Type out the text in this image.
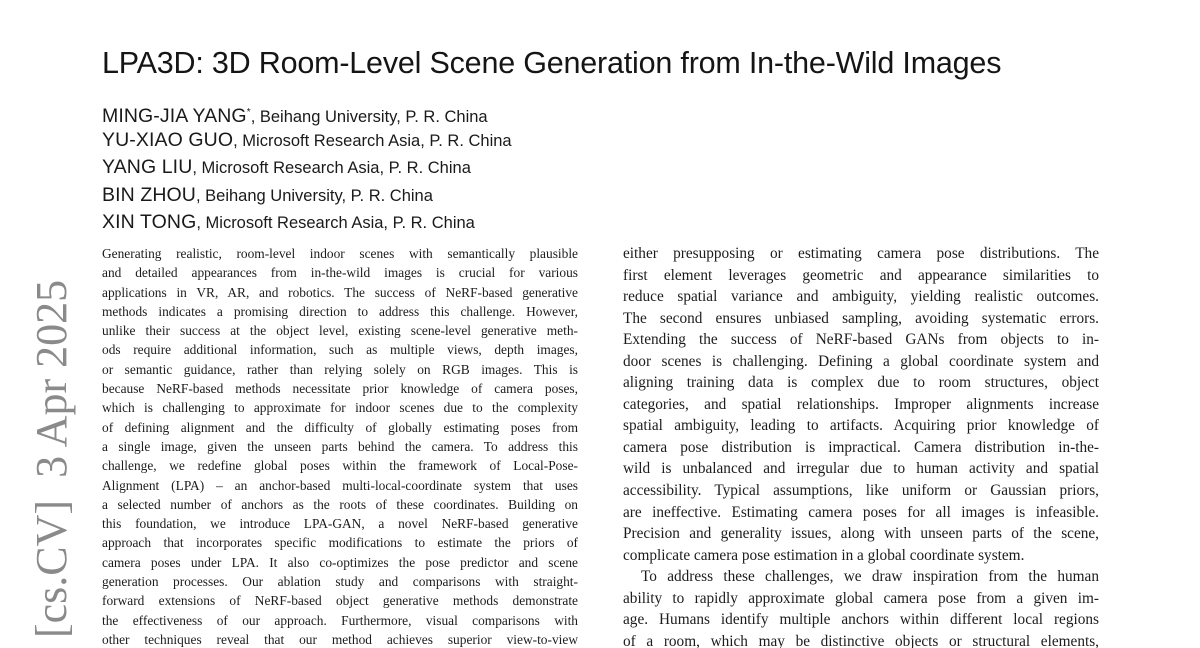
[cs.CV]3 Apr 2025
LPA3D: 3D Room-Level Scene Generation from In-the-Wild Images
MING-JIA YANG*, Beihang University, P. R. China
YU-XIAO GUO, Microsoft Research Asia, P. R. China
YANG LIU, Microsoft Research Asia, P. R. China
BIN ZHOU, Beihang University, P. R. China
XIN TONG, Microsoft Research Asia, P. R. China
Generating realistic, room-level indoor scenes with semantically plausible
and detailed appearances from in-the-wild images is crucial for various
applications in VR, AR, and robotics. The success of NeRF-based generative
methods indicates a promising direction to address this challenge. However,
unlike their success at the object level, existing scene-level generative meth-
ods require additional information, such as multiple views, depth images,
or semantic guidance, rather than relying solely on RGB images. This is
because NeRF-based methods necessitate prior knowledge of camera poses,
which is challenging to approximate for indoor scenes due to the complexity
of defining alignment and the difficulty of globally estimating poses from
a single image, given the unseen parts behind the camera. To address this
challenge, we redefine global poses within the framework of Local-Pose-
Alignment (LPA) – an anchor-based multi-local-coordinate system that uses
a selected number of anchors as the roots of these coordinates. Building on
this foundation, we introduce LPA-GAN, a novel NeRF-based generative
approach that incorporates specific modifications to estimate the priors of
camera poses under LPA. It also co-optimizes the pose predictor and scene
generation processes. Our ablation study and comparisons with straight-
forward extensions of NeRF-based object generative methods demonstrate
the effectiveness of our approach. Furthermore, visual comparisons with
other techniques reveal that our method achieves superior view-to-view
either presupposing or estimating camera pose distributions. The
first element leverages geometric and appearance similarities to
reduce spatial variance and ambiguity, yielding realistic outcomes.
The second ensures unbiased sampling, avoiding systematic errors.
Extending the success of NeRF-based GANs from objects to in-
door scenes is challenging. Defining a global coordinate system and
aligning training data is complex due to room structures, object
categories, and spatial relationships. Improper alignments increase
spatial ambiguity, leading to artifacts. Acquiring prior knowledge of
camera pose distribution is impractical. Camera distribution in-the-
wild is unbalanced and irregular due to human activity and spatial
accessibility. Typical assumptions, like uniform or Gaussian priors,
are ineffective. Estimating camera poses for all images is infeasible.
Precision and generality issues, along with unseen parts of the scene,
complicate camera pose estimation in a global coordinate system.
To address these challenges, we draw inspiration from the human
ability to rapidly approximate global camera pose from a given im-
age. Humans identify multiple anchors within different local regions
of a room, which may be distinctive objects or structural elements,
